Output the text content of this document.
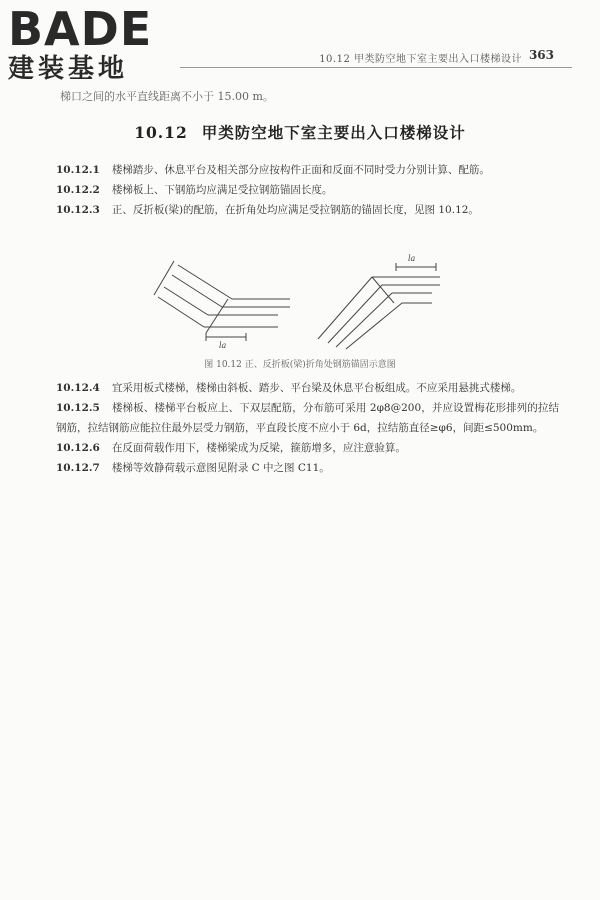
BADE
建装基地	10.12 甲类防空地下室主要出入口楼梯设计 363
梯口之间的水平直线距离不小于 15.00 m。
10.12 甲类防空地下室主要出入口楼梯设计

10.12.1 楼梯踏步、休息平台及相关部分应按构件正面和反面不同时受力分别计算、配筋。

10.12.2 楼梯板上、下钢筋均应满足受拉钢筋锚固长度。

10.12.3 正、反折板(梁)的配筋，在折角处均应满足受拉钢筋的锚固长度，见图 10.12。

la
la
图 10.12 正、反折板(梁)折角处钢筋锚固示意图

10.12.4 宜采用板式楼梯，楼梯由斜板、踏步、平台梁及休息平台板组成。不应采用悬挑式楼梯。

10.12.5 楼梯板、楼梯平台板应上、下双层配筋，分布筋可采用 2φ8@200，并应设置梅花形排列的拉结钢筋，拉结钢筋应能拉住最外层受力钢筋，平直段长度不应小于 6d，拉结筋直径≥φ6，间距≤500mm。

10.12.6 在反面荷载作用下，楼梯梁成为反梁，箍筋增多，应注意验算。

10.12.7 楼梯等效静荷载示意图见附录 C 中之图 C11。
